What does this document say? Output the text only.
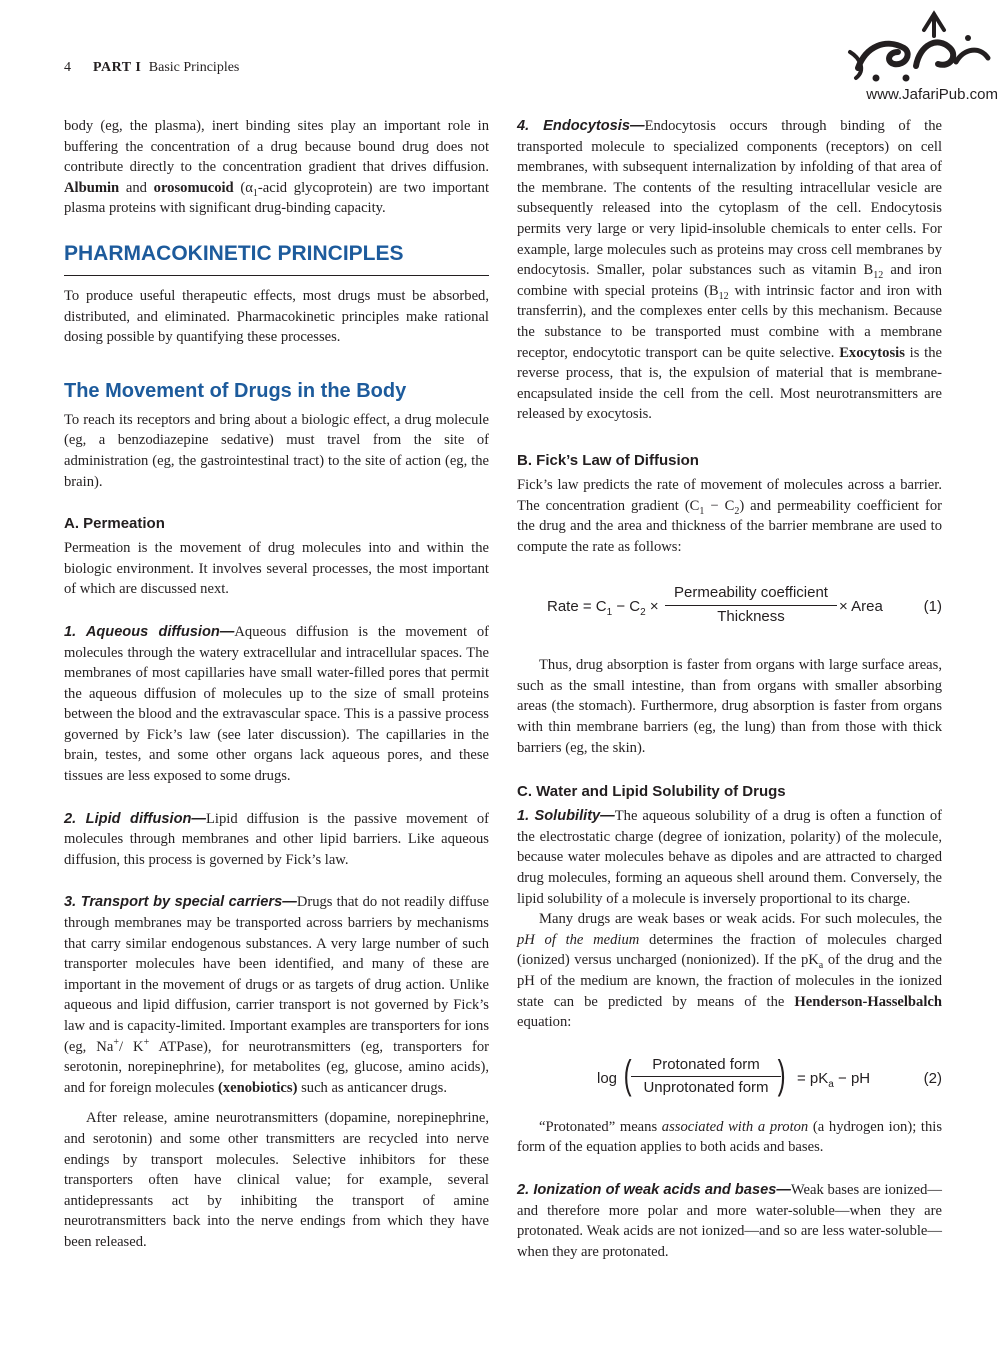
4 PART I Basic Principles
www.JafariPub.com

body (eg, the plasma), inert binding sites play an important role in buffering the concentration of a drug because bound drug does not contribute directly to the concentration gradient that drives diffusion. Albumin and orosomucoid ($\alpha_1$-acid glycoprotein) are two important plasma proteins with significant drug-binding capacity.

PHARMACOKINETIC PRINCIPLES

To produce useful therapeutic effects, most drugs must be absorbed, distributed, and eliminated. Pharmacokinetic principles make rational dosing possible by quantifying these processes.

The Movement of Drugs in the Body

To reach its receptors and bring about a biologic effect, a drug molecule (eg, a benzodiazepine sedative) must travel from the site of administration (eg, the gastrointestinal tract) to the site of action (eg, the brain).

A. Permeation

Permeation is the movement of drug molecules into and within the biologic environment. It involves several processes, the most important of which are discussed next.

1. Aqueous diffusion—Aqueous diffusion is the movement of molecules through the watery extracellular and intracellular spaces. The membranes of most capillaries have small water-filled pores that permit the aqueous diffusion of molecules up to the size of small proteins between the blood and the extravascular space. This is a passive process governed by Fick’s law (see later discussion). The capillaries in the brain, testes, and some other organs lack aqueous pores, and these tissues are less exposed to some drugs.

2. Lipid diffusion—Lipid diffusion is the passive movement of molecules through membranes and other lipid barriers. Like aqueous diffusion, this process is governed by Fick’s law.

3. Transport by special carriers—Drugs that do not readily diffuse through membranes may be transported across barriers by mechanisms that carry similar endogenous substances. A very large number of such transporter molecules have been identified, and many of these are important in the movement of drugs or as targets of drug action. Unlike aqueous and lipid diffusion, carrier transport is not governed by Fick’s law and is capacity-limited. Important examples are transporters for ions (eg, Na+/ K+ ATPase), for neurotransmitters (eg, transporters for serotonin, norepinephrine), for metabolites (eg, glucose, amino acids), and for foreign molecules (xenobiotics) such as anticancer drugs.

After release, amine neurotransmitters (dopamine, norepinephrine, and serotonin) and some other transmitters are recycled into nerve endings by transport molecules. Selective inhibitors for these transporters often have clinical value; for example, several antidepressants act by inhibiting the transport of amine neurotransmitters back into the nerve endings from which they have been released.

4. Endocytosis—Endocytosis occurs through binding of the transported molecule to specialized components (receptors) on cell membranes, with subsequent internalization by infolding of that area of the membrane. The contents of the resulting intracellular vesicle are subsequently released into the cytoplasm of the cell. Endocytosis permits very large or very lipid-insoluble chemicals to enter cells. For example, large molecules such as proteins may cross cell membranes by endocytosis. Smaller, polar substances such as vitamin $B_{12}$ and iron combine with special proteins ($B_{12}$ with intrinsic factor and iron with transferrin), and the complexes enter cells by this mechanism. Because the substance to be transported must combine with a membrane receptor, endocytotic transport can be quite selective. Exocytosis is the reverse process, that is, the expulsion of material that is membrane-encapsulated inside the cell from the cell. Most neurotransmitters are released by exocytosis.

B. Fick’s Law of Diffusion

Fick’s law predicts the rate of movement of molecules across a barrier. The concentration gradient $(C_1 - C_2)$ and permeability coefficient for the drug and the area and thickness of the barrier membrane are used to compute the rate as follows:

Rate = $C_1 - C_2$ ×
Permeability coefficient
Thickness
× Area	(1)

Thus, drug absorption is faster from organs with large surface areas, such as the small intestine, than from organs with smaller absorbing areas (the stomach). Furthermore, drug absorption is faster from organs with thin membrane barriers (eg, the lung) than from those with thick barriers (eg, the skin).

C. Water and Lipid Solubility of Drugs

1. Solubility—The aqueous solubility of a drug is often a function of the electrostatic charge (degree of ionization, polarity) of the molecule, because water molecules behave as dipoles and are attracted to charged drug molecules, forming an aqueous shell around them. Conversely, the lipid solubility of a molecule is inversely proportional to its charge.

Many drugs are weak bases or weak acids. For such molecules, the pH of the medium determines the fraction of molecules charged (ionized) versus uncharged (nonionized). If the $pK_a$ of the drug and the pH of the medium are known, the fraction of molecules in the ionized state can be predicted by means of the Henderson-Hasselbalch equation:

log (	Protonated form
Unprotonated form ) = $pK_a$ − pH	(2)

“Protonated” means associated with a proton (a hydrogen ion); this form of the equation applies to both acids and bases.

2. Ionization of weak acids and bases—Weak bases are ionized—and therefore more polar and more water-soluble—when they are protonated. Weak acids are not ionized—and so are less water-soluble—when they are protonated.
